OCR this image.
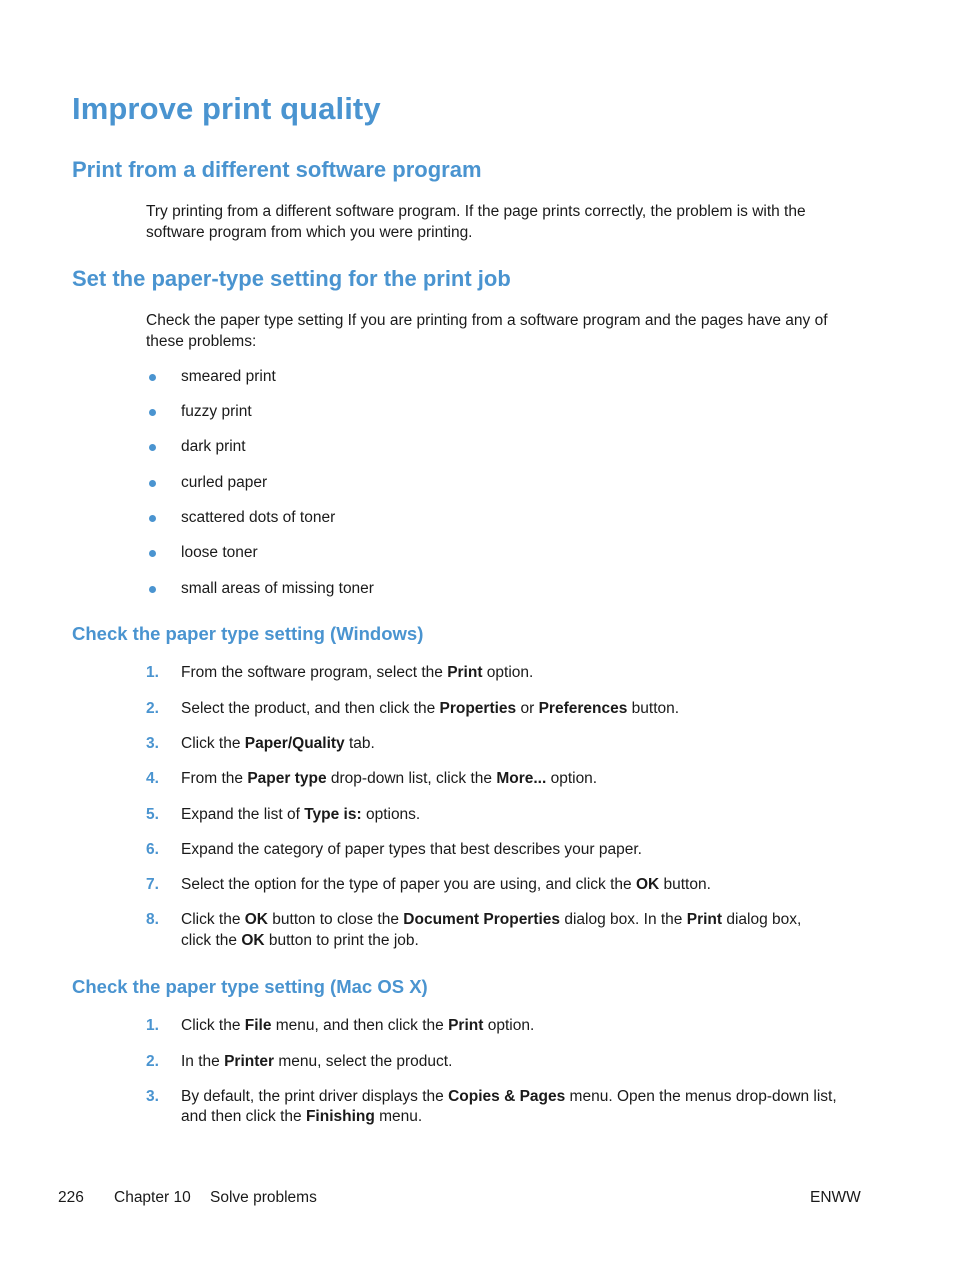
Improve print quality
Print from a different software program
Try printing from a different software program. If the page prints correctly, the problem is with the
software program from which you were printing.
Set the paper-type setting for the print job
Check the paper type setting If you are printing from a software program and the pages have any of
these problems:
smeared print
fuzzy print
dark print
curled paper
scattered dots of toner
loose toner
small areas of missing toner
Check the paper type setting (Windows)
1. From the software program, select the Print option.
2. Select the product, and then click the Properties or Preferences button.
3. Click the Paper/Quality tab.
4. From the Paper type drop-down list, click the More... option.
5. Expand the list of Type is: options.
6. Expand the category of paper types that best describes your paper.
7. Select the option for the type of paper you are using, and click the OK button.
8. Click the OK button to close the Document Properties dialog box. In the Print dialog box,
click the OK button to print the job.
Check the paper type setting (Mac OS X)
1. Click the File menu, and then click the Print option.
2. In the Printer menu, select the product.
3. By default, the print driver displays the Copies & Pages menu. Open the menus drop-down list,
and then click the Finishing menu.
226 Chapter 10 Solve problems	ENWW
